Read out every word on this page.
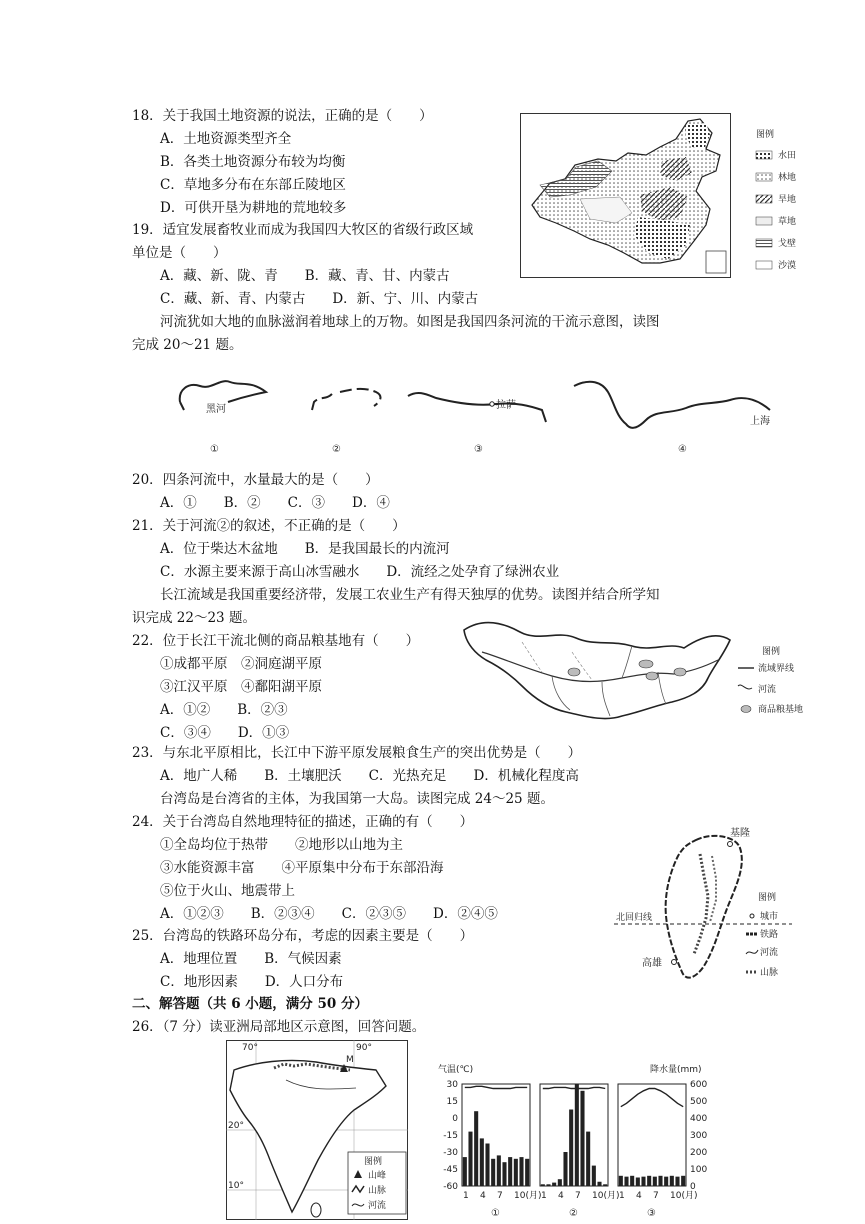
18．关于我国土地资源的说法，正确的是（　　）
A．土地资源类型齐全
B．各类土地资源分布较为均衡
C．草地多分布在东部丘陵地区
D．可供开垦为耕地的荒地较多
19．适宜发展畜牧业而成为我国四大牧区的省级行政区域
单位是（　　）
A．藏、新、陇、青　　B．藏、青、甘、内蒙古
C．藏、新、青、内蒙古　　D．新、宁、川、内蒙古
图例
水田
林地
旱地
草地
戈壁
沙漠
河流犹如大地的血脉滋润着地球上的万物。如图是我国四条河流的干流示意图，读图
完成 20～21 题。
黑河
①	②
拉萨
③
上海
④
20．四条河流中，水量最大的是（　　）
A．①　　B．②　　C．③　　D．④
21．关于河流②的叙述，不正确的是（　　）
A．位于柴达木盆地　　B．是我国最长的内流河
C．水源主要来源于高山冰雪融水　　D．流经之处孕育了绿洲农业
长江流域是我国重要经济带，发展工农业生产有得天独厚的优势。读图并结合所学知
识完成 22～23 题。
22．位于长江干流北侧的商品粮基地有（　　）
①成都平原　②洞庭湖平原
③江汉平原　④鄱阳湖平原
A．①②　　B．②③
C．③④　　D．①③
图例
流域界线
河流
商品粮基地
23．与东北平原相比，长江中下游平原发展粮食生产的突出优势是（　　）
A．地广人稀　　B．土壤肥沃　　C．光热充足　　D．机械化程度高
台湾岛是台湾省的主体，为我国第一大岛。读图完成 24～25 题。
24．关于台湾岛自然地理特征的描述，正确的有（　　）
①全岛均位于热带　　②地形以山地为主
③水能资源丰富　　④平原集中分布于东部沿海
⑤位于火山、地震带上
A．①②③　　B．②③④　　C．②③⑤　　D．②④⑤
25．台湾岛的铁路环岛分布，考虑的因素主要是（　　）
A．地理位置　　B．气候因素
C．地形因素　　D．人口分布
北回归线
基隆
高雄
图例
城市
铁路
河流
山脉
二、解答题（共 6 小题，满分 50 分）
26．（7 分）读亚洲局部地区示意图，回答问题。
70°	90°
20°
10°
M
图例
山峰
山脉
河流
气温(℃)	降水量(mm)
30
15
0
-15
-30
-45
-60
600
500
400
300
200
100
0
1 4 7 10(月)
①
1 4 7 10(月)
②
1 4 7 10(月)
③
